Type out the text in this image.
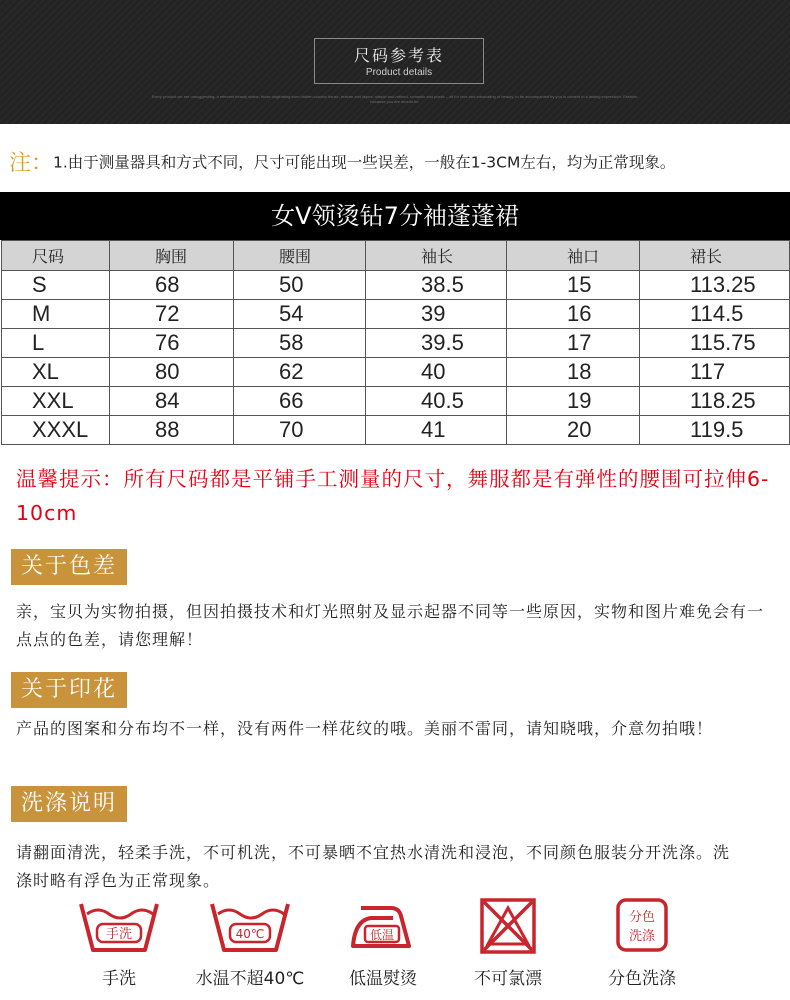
尺码参考表
Product details
Every product we are unsuggesting, a relevant beauty stains, those originating from hidden country house, texture and layers, simple and refined, romantic and poetic – all for love and advocating of beauty, to be accompanied by you is content in a lasting impression. Fashion, because you are should be.
注：1.由于测量器具和方式不同，尺寸可能出现一些误差，一般在1-3CM左右，均为正常现象。
女V领烫钻7分袖蓬蓬裙
尺码	胸围	腰围	袖长	袖口	裙长
S	68	50	38.5	15	113.25
M	72	54	39	16	114.5
L	76	58	39.5	17	115.75
XL	80	62	40	18	117
XXL	84	66	40.5	19	118.25
XXXL	88	70	41	20	119.5
温馨提示：所有尺码都是平铺手工测量的尺寸，舞服都是有弹性的腰围可拉伸6-10cm
关于色差
亲，宝贝为实物拍摄，但因拍摄技术和灯光照射及显示起器不同等一些原因，实物和图片难免会有一点点的色差，请您理解！
关于印花
产品的图案和分布均不一样，没有两件一样花纹的哦。美丽不雷同，请知晓哦，介意勿拍哦！
洗涤说明
请翻面清洗，轻柔手洗，不可机洗，不可暴晒不宜热水清洗和浸泡，不同颜色服装分开洗涤。洗涤时略有浮色为正常现象。
手洗
手洗
40℃
水温不超40℃
低温
低温熨烫	不可氯漂
分色
洗涤
分色洗涤
